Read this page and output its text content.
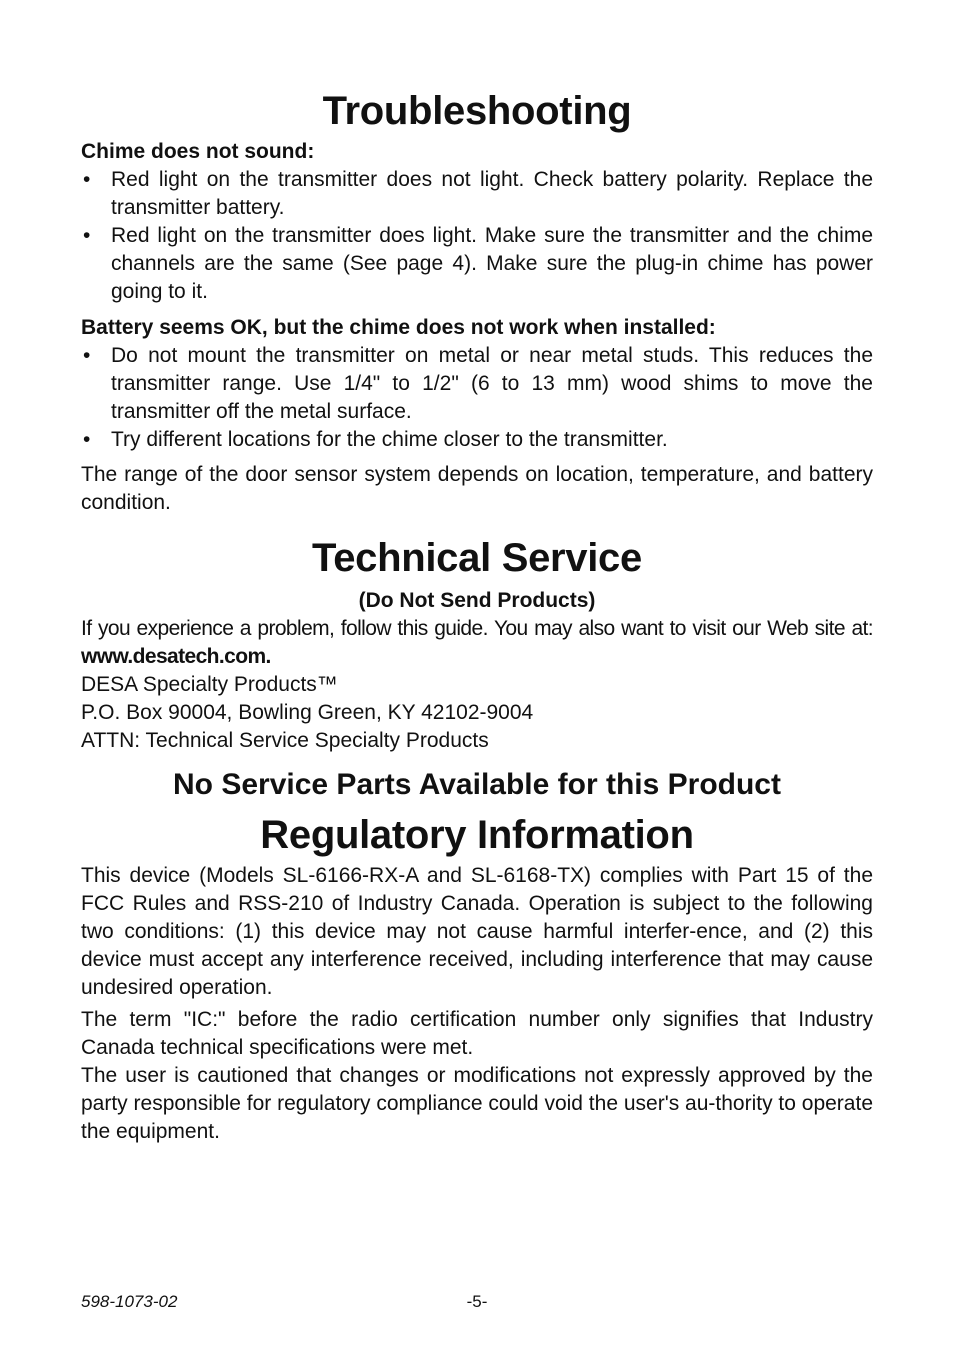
Troubleshooting
Chime does not sound:
• Red light on the transmitter does not light. Check battery polarity. Replace the transmitter battery.
• Red light on the transmitter does light. Make sure the transmitter and the chime channels are the same (See page 4). Make sure the plug-in chime has power going to it.
Battery seems OK, but the chime does not work when installed:
• Do not mount the transmitter on metal or near metal studs. This reduces the transmitter range. Use 1/4" to 1/2" (6 to 13 mm) wood shims to move the transmitter off the metal surface.
• Try different locations for the chime closer to the transmitter.

The range of the door sensor system depends on location, temperature, and battery condition.

Technical Service
(Do Not Send Products)

If you experience a problem, follow this guide. You may also want to visit our Web site at: www.desatech.com.

DESA Specialty Products™

P.O. Box 90004, Bowling Green, KY 42102-9004

ATTN: Technical Service Specialty Products

No Service Parts Available for this Product
Regulatory Information

This device (Models SL-6166-RX-A and SL-6168-TX) complies with Part 15 of the FCC Rules and RSS-210 of Industry Canada. Operation is subject to the following two conditions: (1) this device may not cause harmful interfer-ence, and (2) this device must accept any interference received, including interference that may cause undesired operation.

The term "IC:" before the radio certification number only signifies that Industry Canada technical specifications were met.

The user is cautioned that changes or modifications not expressly approved by the party responsible for regulatory compliance could void the user's au-thority to operate the equipment.

598-1073-02	-5-
